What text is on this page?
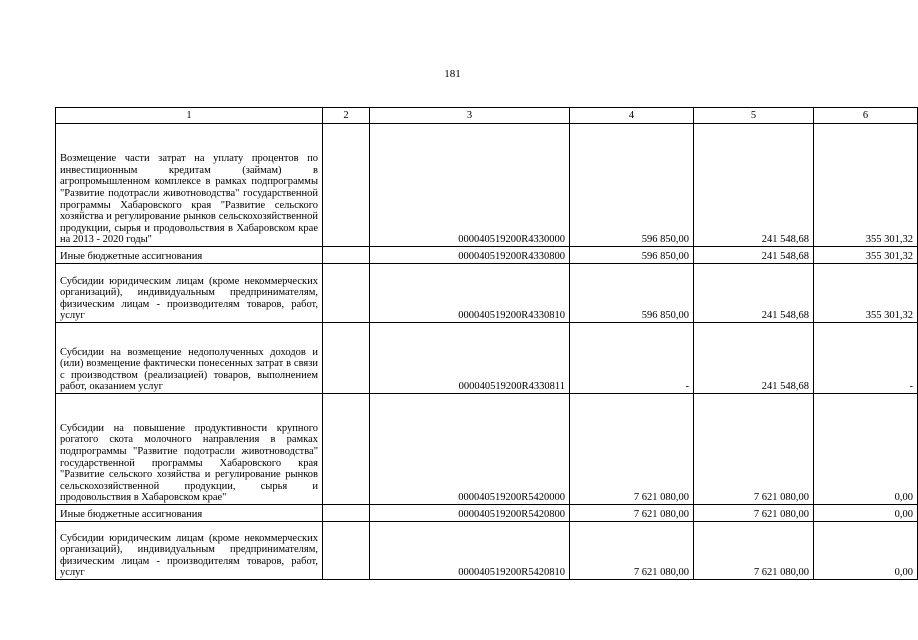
181
1	2	3	4	5	6
Возмещение части затрат на уплату процентов по инвестиционным кредитам (займам) в агропромышленном комплексе в рамках подпрограммы "Развитие подотрасли животноводства" государственной программы Хабаровского края "Развитие сельского хозяйства и регулирование рынков сельскохозяйственной продукции, сырья и продовольствия в Хабаровском крае на 2013 - 2020 годы"		000040519200R4330000	596 850,00	241 548,68	355 301,32
Иные бюджетные ассигнования		000040519200R4330800	596 850,00	241 548,68	355 301,32
Субсидии юридическим лицам (кроме некоммерческих организаций), индивидуальным предпринимателям, физическим лицам - производителям товаров, работ, услуг		000040519200R4330810	596 850,00	241 548,68	355 301,32
Субсидии на возмещение недополученных доходов и (или) возмещение фактически понесенных затрат в связи с производством (реализацией) товаров, выполнением работ, оказанием услуг		000040519200R4330811	-	241 548,68	-
Субсидии на повышение продуктивности крупного рогатого скота молочного направления в рамках подпрограммы "Развитие подотрасли животноводства" государственной программы Хабаровского края "Развитие сельского хозяйства и регулирование рынков сельскохозяйственной продукции, сырья и продовольствия в Хабаровском крае"		000040519200R5420000	7 621 080,00	7 621 080,00	0,00
Иные бюджетные ассигнования		000040519200R5420800	7 621 080,00	7 621 080,00	0,00
Субсидии юридическим лицам (кроме некоммерческих организаций), индивидуальным предпринимателям, физическим лицам - производителям товаров, работ, услуг		000040519200R5420810	7 621 080,00	7 621 080,00	0,00
